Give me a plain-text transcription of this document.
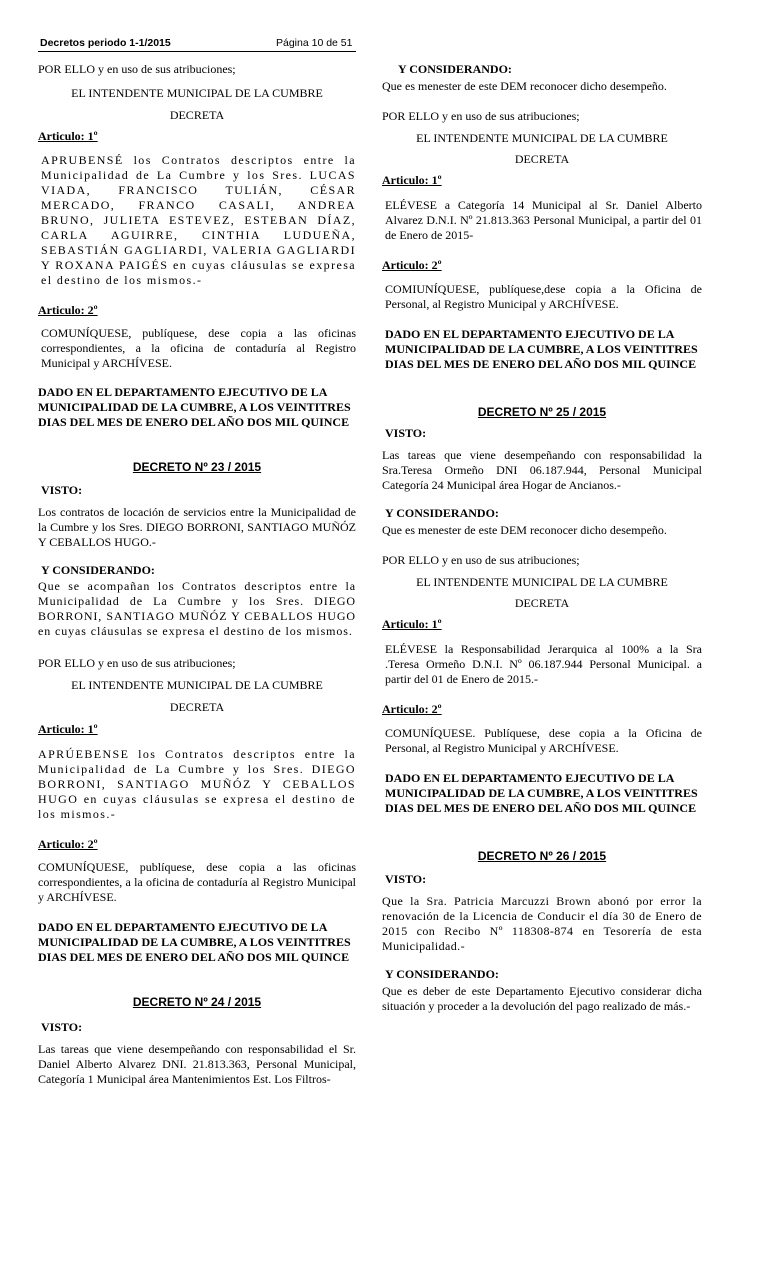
Decretos periodo 1-1/2015	Página 10 de 51

POR ELLO y en uso de sus atribuciones;

EL INTENDENTE MUNICIPAL DE LA CUMBRE

DECRETA

Articulo: 1º

APRUBENSÉ los Contratos descriptos entre la Municipalidad de La Cumbre y los Sres. LUCAS VIADA, FRANCISCO TULIÁN, CÉSAR MERCADO, FRANCO CASALI, ANDREA BRUNO, JULIETA ESTEVEZ, ESTEBAN DÍAZ, CARLA AGUIRRE, CINTHIA LUDUEÑA, SEBASTIÁN GAGLIARDI, VALERIA GAGLIARDI Y ROXANA PAIGÉS en cuyas cláusulas se expresa el destino de los mismos.-

Articulo: 2º

COMUNÍQUESE, publíquese, dese copia a las oficinas correspondientes, a la oficina de contaduría al Registro Municipal y ARCHÍVESE.

DADO EN EL DEPARTAMENTO EJECUTIVO DE LA MUNICIPALIDAD DE LA CUMBRE, A LOS VEINTITRES DIAS DEL MES DE ENERO DEL AÑO DOS MIL QUINCE

DECRETO Nº 23 / 2015

VISTO:

Los contratos de locación de servicios entre la Municipalidad de la Cumbre y los Sres. DIEGO BORRONI, SANTIAGO MUÑÓZ Y CEBALLOS HUGO.-

Y CONSIDERANDO:

Que se acompañan los Contratos descriptos entre la Municipalidad de La Cumbre y los Sres. DIEGO BORRONI, SANTIAGO MUÑÓZ Y CEBALLOS HUGO en cuyas cláusulas se expresa el destino de los mismos.

POR ELLO y en uso de sus atribuciones;

EL INTENDENTE MUNICIPAL DE LA CUMBRE

DECRETA

Articulo: 1º

APRÚEBENSE los Contratos descriptos entre la Municipalidad de La Cumbre y los Sres. DIEGO BORRONI, SANTIAGO MUÑÓZ Y CEBALLOS HUGO en cuyas cláusulas se expresa el destino de los mismos.-

Articulo: 2º

COMUNÍQUESE, publíquese, dese copia a las oficinas correspondientes, a la oficina de contaduría al Registro Municipal y ARCHÍVESE.

DADO EN EL DEPARTAMENTO EJECUTIVO DE LA MUNICIPALIDAD DE LA CUMBRE, A LOS VEINTITRES DIAS DEL MES DE ENERO DEL AÑO DOS MIL QUINCE

DECRETO Nº 24 / 2015

VISTO:

Las tareas que viene desempeñando con responsabilidad el Sr. Daniel Alberto Alvarez DNI. 21.813.363, Personal Municipal, Categoría 1 Municipal área Mantenimientos Est. Los Filtros-

Y CONSIDERANDO:

Que es menester de este DEM reconocer dicho desempeño.

POR ELLO y en uso de sus atribuciones;

EL INTENDENTE MUNICIPAL DE LA CUMBRE

DECRETA

Articulo: 1º

ELÉVESE a Categoría 14 Municipal al Sr. Daniel Alberto Alvarez D.N.I. Nº 21.813.363 Personal Municipal, a partir del 01 de Enero de 2015-

Articulo: 2º

COMIUNÍQUESE, publíquese,dese copia a la Oficina de Personal, al Registro Municipal y ARCHÍVESE.

DADO EN EL DEPARTAMENTO EJECUTIVO DE LA MUNICIPALIDAD DE LA CUMBRE, A LOS VEINTITRES DIAS DEL MES DE ENERO DEL AÑO DOS MIL QUINCE

DECRETO Nº 25 / 2015

VISTO:

Las tareas que viene desempeñando con responsabilidad la Sra.Teresa Ormeño DNI 06.187.944, Personal Municipal Categoría 24 Municipal área Hogar de Ancianos.-

Y CONSIDERANDO:

Que es menester de este DEM reconocer dicho desempeño.

POR ELLO y en uso de sus atribuciones;

EL INTENDENTE MUNICIPAL DE LA CUMBRE

DECRETA

Articulo: 1º

ELÉVESE la Responsabilidad Jerarquica al 100% a la Sra .Teresa Ormeño D.N.I. Nº 06.187.944 Personal Municipal. a partir del 01 de Enero de 2015.-

Articulo: 2º

COMUNÍQUESE. Publíquese, dese copia a la Oficina de Personal, al Registro Municipal y ARCHÍVESE.

DADO EN EL DEPARTAMENTO EJECUTIVO DE LA MUNICIPALIDAD DE LA CUMBRE, A LOS VEINTITRES DIAS DEL MES DE ENERO DEL AÑO DOS MIL QUINCE

DECRETO Nº 26 / 2015

VISTO:

Que la Sra. Patricia Marcuzzi Brown abonó por error la renovación de la Licencia de Conducir el día 30 de Enero de 2015 con Recibo Nº 118308-874 en Tesorería de esta Municipalidad.-

Y CONSIDERANDO:

Que es deber de este Departamento Ejecutivo considerar dicha situación y proceder a la devolución del pago realizado de más.-
